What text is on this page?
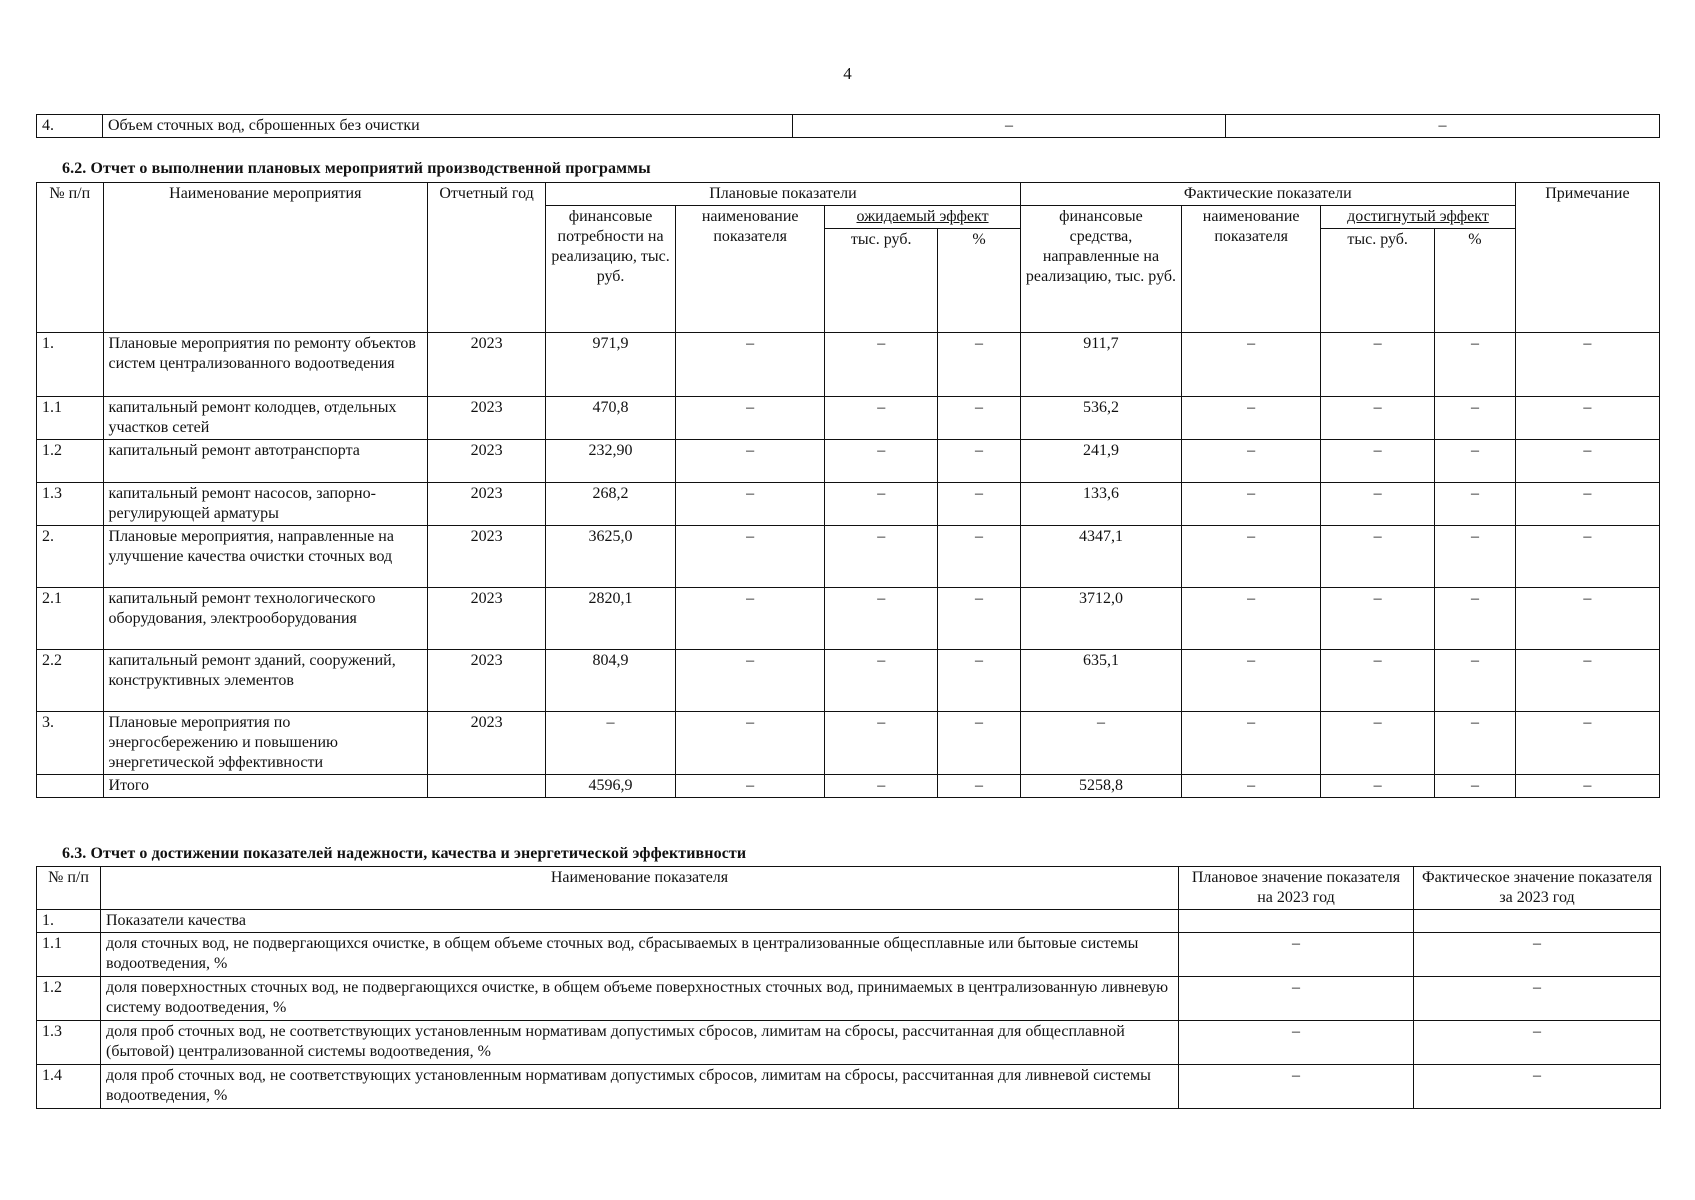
4
4.	Объем сточных вод, сброшенных без очистки	–	–
6.2. Отчет о выполнении плановых мероприятий производственной программы
№ п/п	Наименование мероприятия	Отчетный год	Плановые показатели				Фактические показатели				Примечание
			финансовые потребности на реализацию, тыс. руб.	наименование показателя	ожидаемый эффект		финансовые средства, направленные на реализацию, тыс. руб.	наименование показателя	достигнутый эффект		
					тыс. руб.	%			тыс. руб.	%	
1.	Плановые мероприятия по ремонту объектов систем централизованного водоотведения	2023	971,9	–	–	–	911,7	–	–	–	–
1.1	капитальный ремонт колодцев, отдельных участков сетей	2023	470,8	–	–	–	536,2	–	–	–	–
1.2	капитальный ремонт автотранспорта	2023	232,90	–	–	–	241,9	–	–	–	–
1.3	капитальный ремонт насосов, запорно-регулирующей арматуры	2023	268,2	–	–	–	133,6	–	–	–	–
2.	Плановые мероприятия, направленные на улучшение качества очистки сточных вод	2023	3625,0	–	–	–	4347,1	–	–	–	–
2.1	капитальный ремонт технологического оборудования, электрооборудования	2023	2820,1	–	–	–	3712,0	–	–	–	–
2.2	капитальный ремонт зданий, сооружений, конструктивных элементов	2023	804,9	–	–	–	635,1	–	–	–	–
3.	Плановые мероприятия по энергосбережению и повышению энергетической эффективности	2023	–	–	–	–	–	–	–	–	–
	Итого		4596,9	–	–	–	5258,8	–	–	–	–
6.3. Отчет о достижении показателей надежности, качества и энергетической эффективности
№ п/п	Наименование показателя	Плановое значение показателя на 2023 год	Фактическое значение показателя за 2023 год
1.	Показатели качества		
1.1	доля сточных вод, не подвергающихся очистке, в общем объеме сточных вод, сбрасываемых в централизованные общесплавные или бытовые системы водоотведения, %	–	–
1.2	доля поверхностных сточных вод, не подвергающихся очистке, в общем объеме поверхностных сточных вод, принимаемых в централизованную ливневую систему водоотведения, %	–	–
1.3	доля проб сточных вод, не соответствующих установленным нормативам допустимых сбросов, лимитам на сбросы, рассчитанная для общесплавной (бытовой) централизованной системы водоотведения, %	–	–
1.4	доля проб сточных вод, не соответствующих установленным нормативам допустимых сбросов, лимитам на сбросы, рассчитанная для ливневой системы водоотведения, %	–	–
